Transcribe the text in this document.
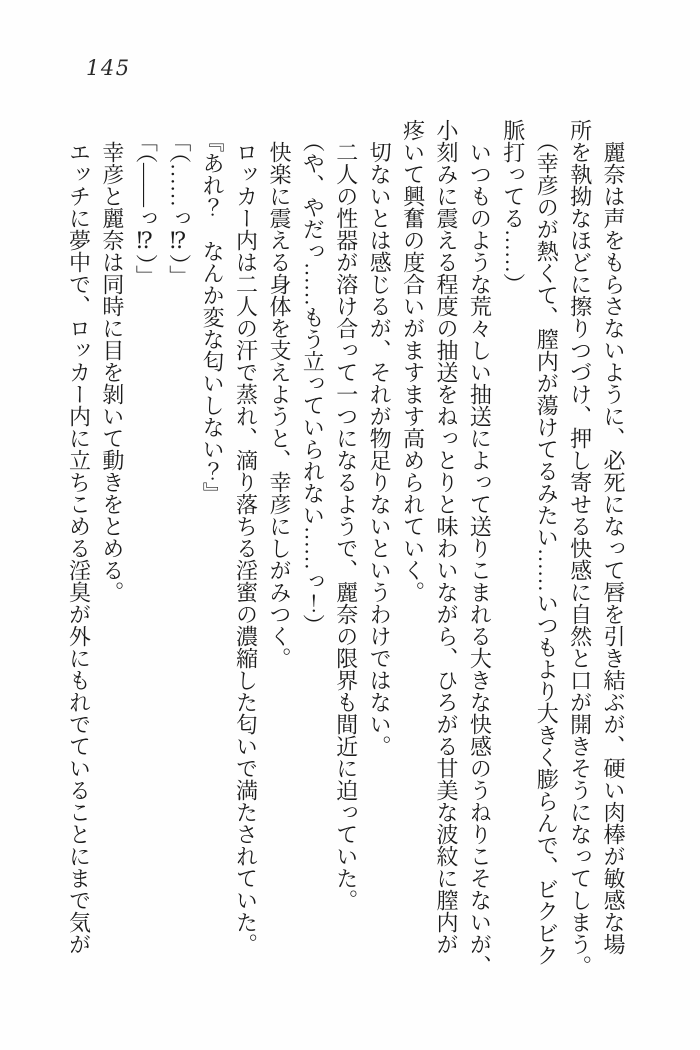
145

麗奈は声をもらさないように、必死になって唇を引き結ぶが、硬い肉棒が敏感な場

所を執拗なほどに擦りつづけ、押し寄せる快感に自然と口が開きそうになってしまう。

（幸彦のが熱くて、膣内が蕩けてるみたい……いつもより大きく膨らんで、ビクビク

脈打ってる……）

いつものような荒々しい抽送によって送りこまれる大きな快感のうねりこそないが、

小刻みに震える程度の抽送をねっとりと味わいながら、ひろがる甘美な波紋に膣内が

疼いて興奮の度合いがますます高められていく。

切ないとは感じるが、それが物足りないというわけではない。

二人の性器が溶け合って一つになるようで、麗奈の限界も間近に迫っていた。

（や、やだっ……もう立っていられない……っ！）

快楽に震える身体を支えようと、幸彦にしがみつく。

ロッカー内は二人の汗で蒸れ、滴り落ちる淫蜜の濃縮した匂いで満たされていた。

『あれ？　なんか変な匂いしない？』

「（……っ⁉）」

「（――っ⁉）」

幸彦と麗奈は同時に目を剝いて動きをとめる。

エッチに夢中で、ロッカー内に立ちこめる淫臭が外にもれでていることにまで気が
